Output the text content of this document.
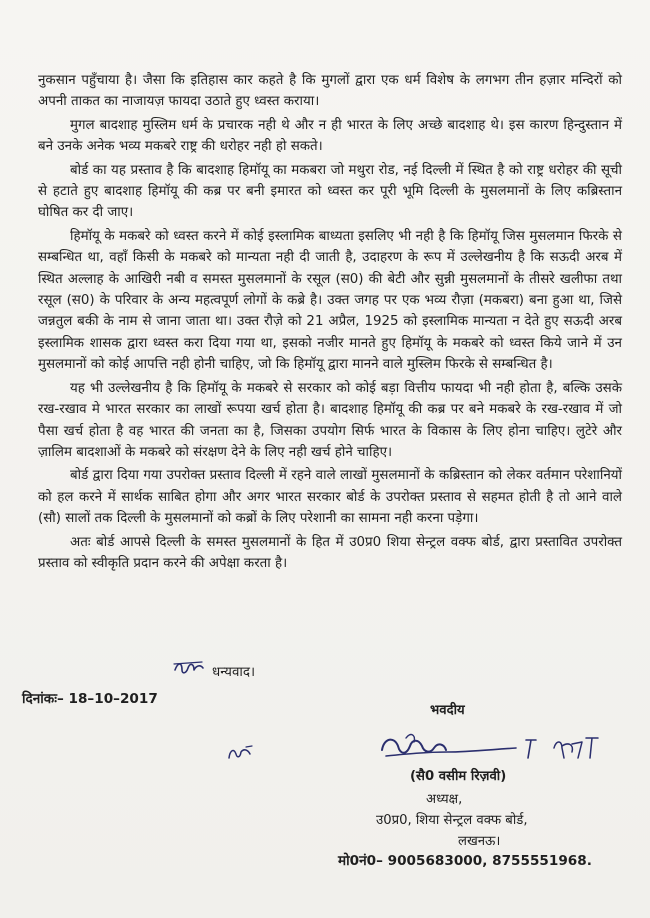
नुकसान पहुँचाया है। जैसा कि इतिहास कार कहते है कि मुगलों द्वारा एक धर्म विशेष के लगभग तीन हज़ार मन्दिरों को अपनी ताकत का नाजायज़ फायदा उठाते हुए ध्वस्त कराया।

मुगल बादशाह मुस्लिम धर्म के प्रचारक नही थे और न ही भारत के लिए अच्छे बादशाह थे। इस कारण हिन्दुस्तान में बने उनके अनेक भव्य मकबरे राष्ट्र की धरोहर नही हो सकते।

बोर्ड का यह प्रस्ताव है कि बादशाह हिमॉयू का मकबरा जो मथुरा रोड, नई दिल्ली में स्थित है को राष्ट्र धरोहर की सूची से हटाते हुए बादशाह हिमॉयू की कब्र पर बनी इमारत को ध्वस्त कर पूरी भूमि दिल्ली के मुसलमानों के लिए कब्रिस्तान घोषित कर दी जाए।

हिमॉयू के मकबरे को ध्वस्त करने में कोई इस्लामिक बाध्यता इसलिए भी नही है कि हिमॉयू जिस मुसलमान फिरके से सम्बन्धित था, वहाँ किसी के मकबरे को मान्यता नही दी जाती है, उदाहरण के रूप में उल्लेखनीय है कि सऊदी अरब में स्थित अल्लाह के आखिरी नबी व समस्त मुसलमानों के रसूल (स0) की बेटी और सुन्नी मुसलमानों के तीसरे खलीफा तथा रसूल (स0) के परिवार के अन्य महत्वपूर्ण लोगों के कब्रे है। उक्त जगह पर एक भव्य रौज़ा (मकबरा) बना हुआ था, जिसे जन्नतुल बकी के नाम से जाना जाता था। उक्त रौज़े को 21 अप्रैल, 1925 को इस्लामिक मान्यता न देते हुए सऊदी अरब इस्लामिक शासक द्वारा ध्वस्त करा दिया गया था, इसको नजीर मानते हुए हिमॉयू के मकबरे को ध्वस्त किये जाने में उन मुसलमानों को कोई आपत्ति नही होनी चाहिए, जो कि हिमॉयू द्वारा मानने वाले मुस्लिम फिरके से सम्बन्धित है।

यह भी उल्लेखनीय है कि हिमॉयू के मकबरे से सरकार को कोई बड़ा वित्तीय फायदा भी नही होता है, बल्कि उसके रख-रखाव मे भारत सरकार का लाखों रूपया खर्च होता है। बादशाह हिमॉयू की कब्र पर बने मकबरे के रख-रखाव में जो पैसा खर्च होता है वह भारत की जनता का है, जिसका उपयोग सिर्फ भारत के विकास के लिए होना चाहिए। लुटेरे और ज़ालिम बादशाओं के मकबरे को संरक्षण देने के लिए नही खर्च होने चाहिए।

बोर्ड द्वारा दिया गया उपरोक्त प्रस्ताव दिल्ली में रहने वाले लाखों मुसलमानों के कब्रिस्तान को लेकर वर्तमान परेशानियों को हल करने में सार्थक साबित होगा और अगर भारत सरकार बोर्ड के उपरोक्त प्रस्ताव से सहमत होती है तो आने वाले (सौ) सालों तक दिल्ली के मुसलमानों को कब्रों के लिए परेशानी का सामना नही करना पड़ेगा।

अतः बोर्ड आपसे दिल्ली के समस्त मुसलमानों के हित में उ0प्र0 शिया सेन्ट्रल वक्फ बोर्ड, द्वारा प्रस्तावित उपरोक्त प्रस्ताव को स्वीकृति प्रदान करने की अपेक्षा करता है।

धन्यवाद।
दिनांकः– 18–10–2017
भवदीय
(सै0 वसीम रिज़वी)
अध्यक्ष,
उ0प्र0, शिया सेन्ट्रल वक्फ बोर्ड,
लखनऊ।
मो0नं0– 9005683000, 8755551968.
